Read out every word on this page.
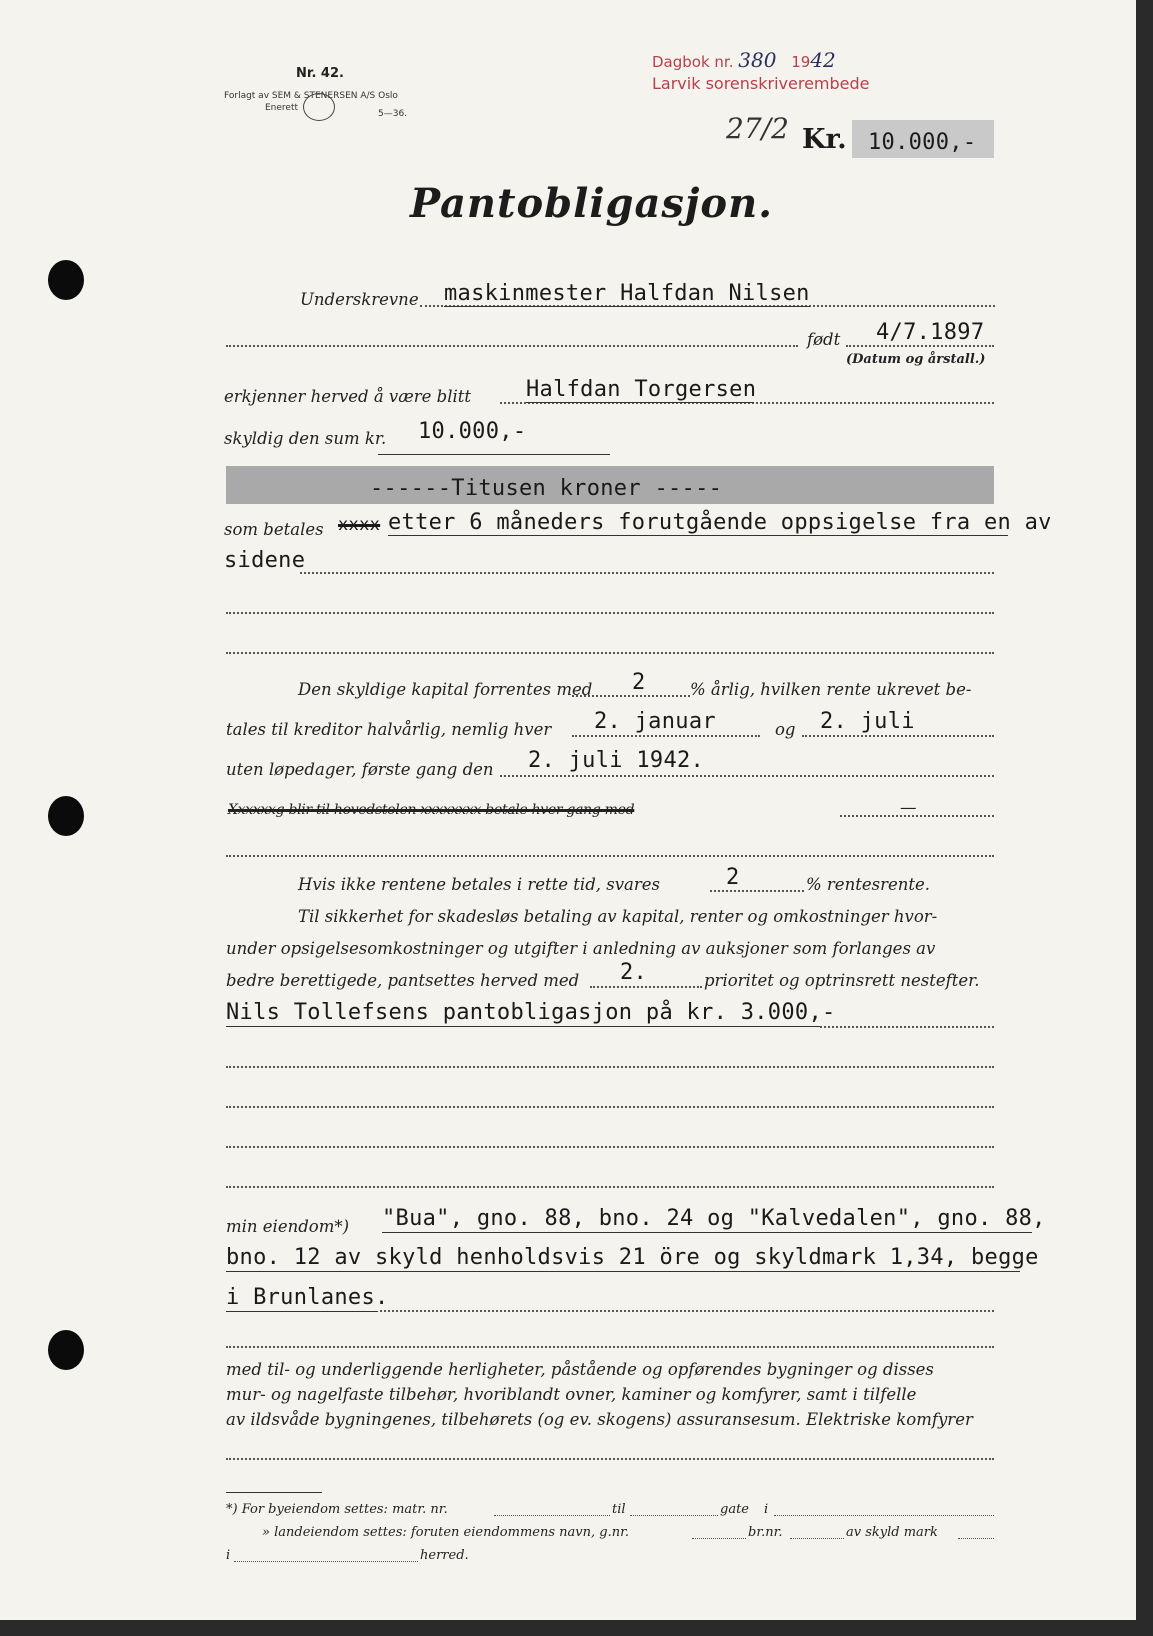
Nr. 42.
Forlagt av SEM & STENERSEN A/S Oslo
Enerett
5—36.
Dagbok nr. 380 1942
Larvik sorenskriverembede
27/2 Kr. 10.000,-
Pantobligasjon.
Underskrevne maskinmester Halfdan Nilsen
født 4/7.1897
(Datum og årstall.)
erkjenner herved å være blitt Halfdan Torgersen
skyldig den sum kr. 10.000,-
------Titusen kroner -----
som betales xxxx etter 6 måneders forutgående oppsigelse fra en av
sidene
Den skyldige kapital forrentes med 2	% årlig, hvilken rente ukrevet be-
tales til kreditor halvårlig, nemlig hver 2. januar	og 2. juli
uten løpedager, første gang den 2. juli 1942.
Xxxxxxg blir til hovedstolen xxxxxxxx betale hver gang med	—
Hvis ikke rentene betales i rette tid, svares	2	% rentesrente.
Til sikkerhet for skadesløs betaling av kapital, renter og omkostninger hvor-
under opsigelsesomkostninger og utgifter i anledning av auksjoner som forlanges av
bedre berettigede, pantsettes herved med 2.	prioritet og optrinsrett nestefter.
Nils Tollefsens pantobligasjon på kr. 3.000,-
min eiendom*) "Bua", gno. 88, bno. 24 og "Kalvedalen", gno. 88,
bno. 12 av skyld henholdsvis 21 öre og skyldmark 1,34, begge
i Brunlanes.
med til- og underliggende herligheter, påstående og opførendes bygninger og disses
mur- og nagelfaste tilbehør, hvoriblandt ovner, kaminer og komfyrer, samt i tilfelle
av ildsvåde bygningenes, tilbehørets (og ev. skogens) assuransesum. Elektriske komfyrer
*) For byeiendom settes: matr. nr.	til	gate i
» landeiendom settes: foruten eiendommens navn, g.nr.	br.nr.	av skyld mark
i	herred.
